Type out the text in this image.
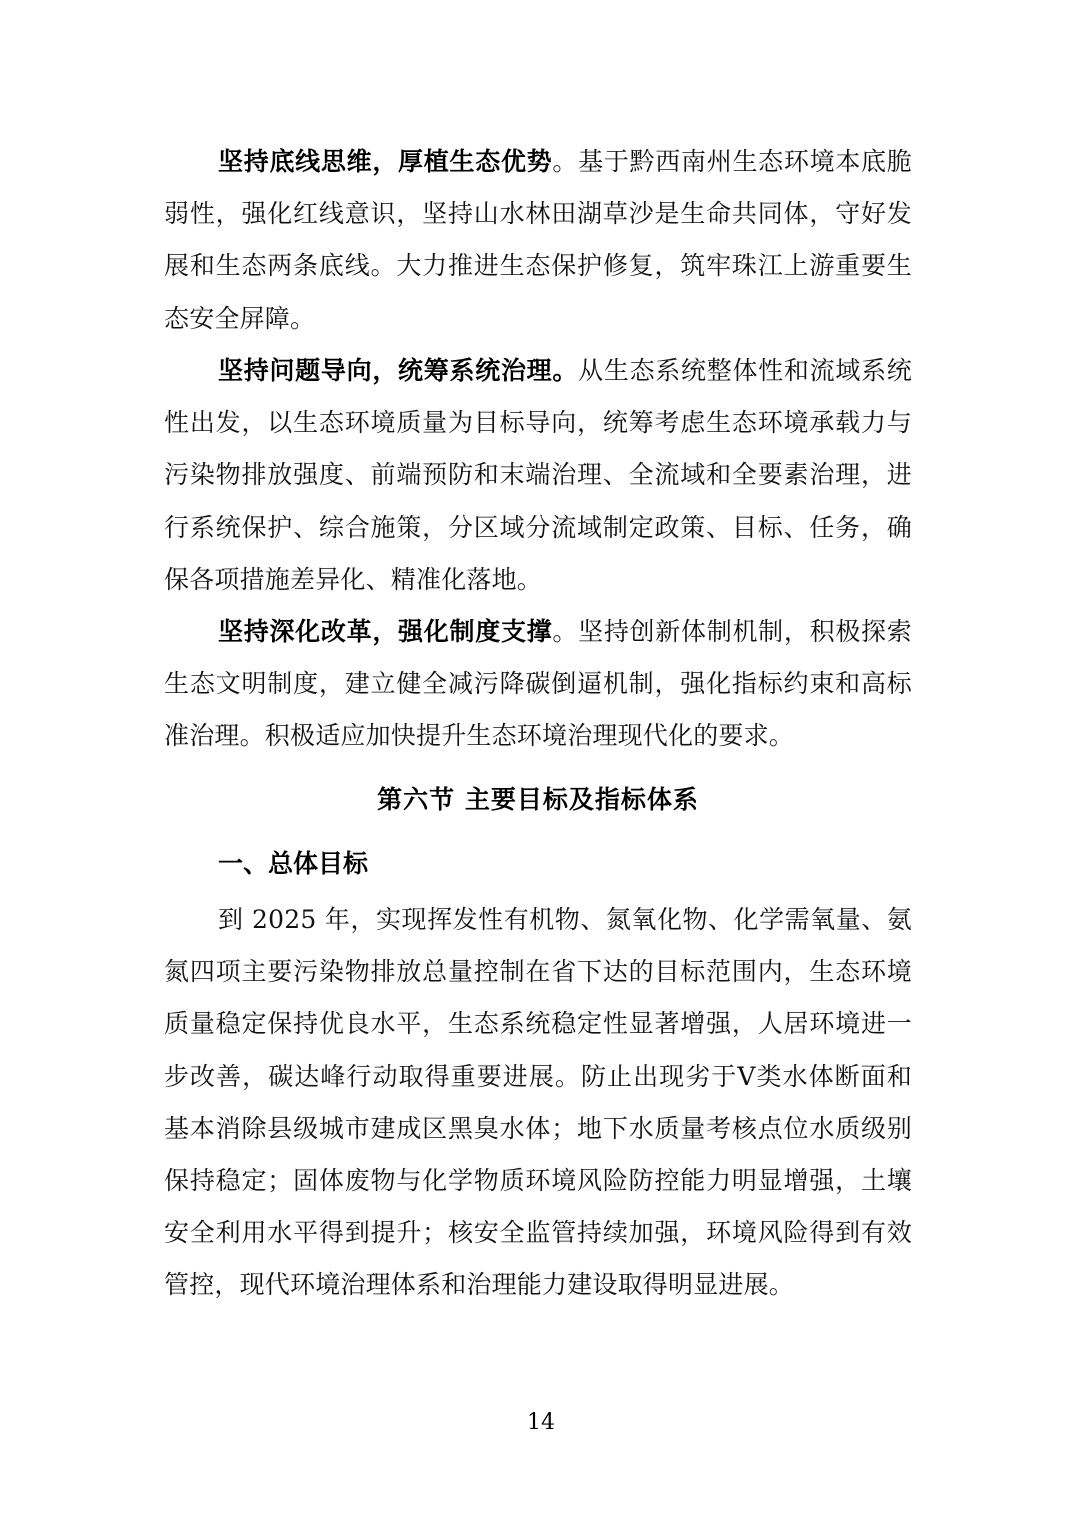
坚持底线思维，厚植生态优势。基于黔西南州生态环境本底脆弱性，强化红线意识，坚持山水林田湖草沙是生命共同体，守好发展和生态两条底线。大力推进生态保护修复，筑牢珠江上游重要生态安全屏障。

坚持问题导向，统筹系统治理。从生态系统整体性和流域系统性出发，以生态环境质量为目标导向，统筹考虑生态环境承载力与污染物排放强度、前端预防和末端治理、全流域和全要素治理，进行系统保护、综合施策，分区域分流域制定政策、目标、任务，确保各项措施差异化、精准化落地。

坚持深化改革，强化制度支撑。坚持创新体制机制，积极探索生态文明制度，建立健全减污降碳倒逼机制，强化指标约束和高标准治理。积极适应加快提升生态环境治理现代化的要求。

第六节 主要目标及指标体系
一、总体目标

到 2025 年，实现挥发性有机物、氮氧化物、化学需氧量、氨氮四项主要污染物排放总量控制在省下达的目标范围内，生态环境质量稳定保持优良水平，生态系统稳定性显著增强，人居环境进一步改善，碳达峰行动取得重要进展。防止出现劣于V类水体断面和基本消除县级城市建成区黑臭水体；地下水质量考核点位水质级别保持稳定；固体废物与化学物质环境风险防控能力明显增强，土壤安全利用水平得到提升；核安全监管持续加强，环境风险得到有效管控，现代环境治理体系和治理能力建设取得明显进展。

14
